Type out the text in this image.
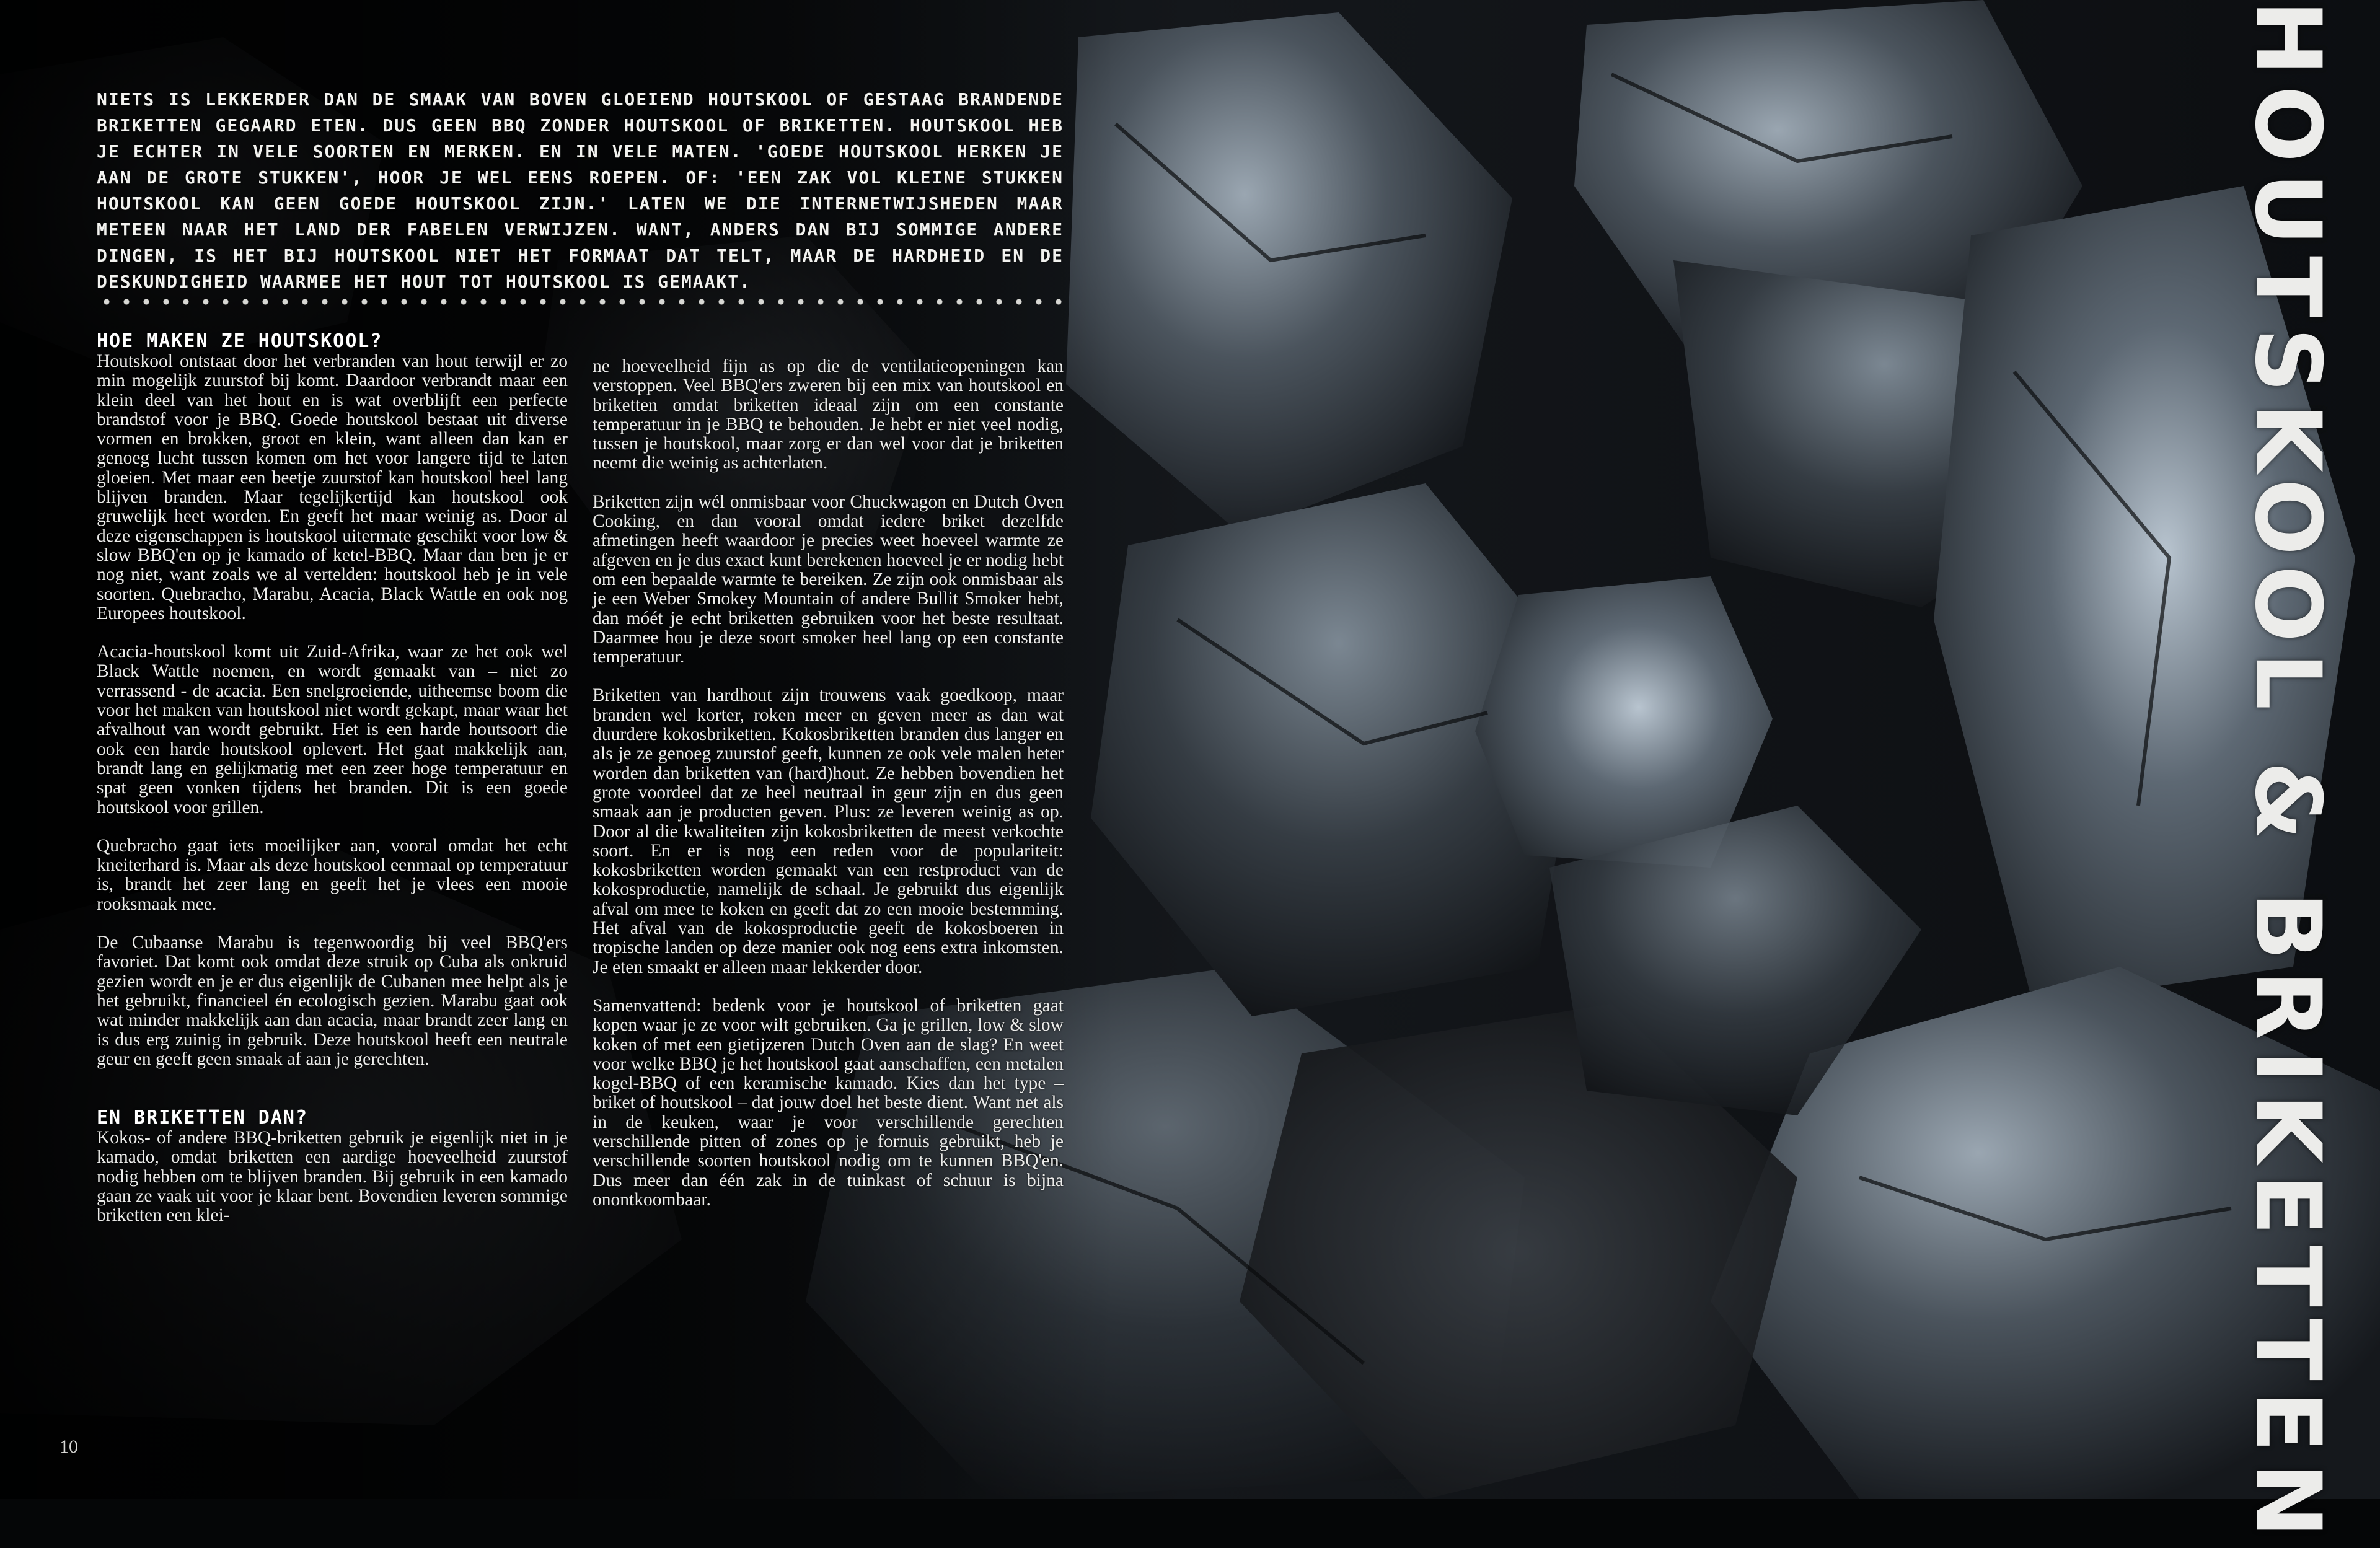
NIETS IS LEKKERDER DAN DE SMAAK VAN BOVEN GLOEIEND HOUTSKOOL OF GESTAAG BRANDENDE BRIKETTEN GEGAARD ETEN. DUS GEEN BBQ ZONDER HOUTSKOOL OF BRIKETTEN. HOUTSKOOL HEB JE ECHTER IN VELE SOORTEN EN MERKEN. EN IN VELE MATEN. 'GOEDE HOUTSKOOL HERKEN JE AAN DE GROTE STUKKEN', HOOR JE WEL EENS ROEPEN. OF: 'EEN ZAK VOL KLEINE STUKKEN HOUTSKOOL KAN GEEN GOEDE HOUTSKOOL ZIJN.' LATEN WE DIE INTERNETWIJSHEDEN MAAR METEEN NAAR HET LAND DER FABELEN VERWIJZEN. WANT, ANDERS DAN BIJ SOMMIGE ANDERE DINGEN, IS HET BIJ HOUTSKOOL NIET HET FORMAAT DAT TELT, MAAR DE HARDHEID EN DE DESKUNDIGHEID WAARMEE HET HOUT TOT HOUTSKOOL IS GEMAAKT.
HOE MAKEN ZE HOUTSKOOL?

Houtskool ontstaat door het verbranden van hout terwijl er zo min mogelijk zuurstof bij komt. Daardoor verbrandt maar een klein deel van het hout en is wat overblijft een perfecte brandstof voor je BBQ. Goede houtskool bestaat uit diverse vormen en brokken, groot en klein, want alleen dan kan er genoeg lucht tussen komen om het voor langere tijd te laten gloeien. Met maar een beetje zuurstof kan houtskool heel lang blijven branden. Maar tegelijkertijd kan houtskool ook gruwelijk heet worden. En geeft het maar weinig as. Door al deze eigenschappen is houtskool uitermate geschikt voor low & slow BBQ'en op je kamado of ketel-BBQ. Maar dan ben je er nog niet, want zoals we al vertelden: houtskool heb je in vele soorten. Quebracho, Marabu, Acacia, Black Wattle en ook nog Europees houtskool.

Acacia-houtskool komt uit Zuid-Afrika, waar ze het ook wel Black Wattle noemen, en wordt gemaakt van – niet zo verrassend - de acacia. Een snelgroeiende, uitheemse boom die voor het maken van houtskool niet wordt gekapt, maar waar het afvalhout van wordt gebruikt. Het is een harde houtsoort die ook een harde houtskool oplevert. Het gaat makkelijk aan, brandt lang en gelijkmatig met een zeer hoge temperatuur en spat geen vonken tijdens het branden. Dit is een goede houtskool voor grillen.

Quebracho gaat iets moeilijker aan, vooral omdat het echt kneiterhard is. Maar als deze houtskool eenmaal op temperatuur is, brandt het zeer lang en geeft het je vlees een mooie rooksmaak mee.

De Cubaanse Marabu is tegenwoordig bij veel BBQ'ers favoriet. Dat komt ook omdat deze struik op Cuba als onkruid gezien wordt en je er dus eigenlijk de Cubanen mee helpt als je het gebruikt, financieel én ecologisch gezien. Marabu gaat ook wat minder makkelijk aan dan acacia, maar brandt zeer lang en is dus erg zuinig in gebruik. Deze houtskool heeft een neutrale geur en geeft geen smaak af aan je gerechten.

EN BRIKETTEN DAN?

Kokos- of andere BBQ-briketten gebruik je eigenlijk niet in je kamado, omdat briketten een aardige hoeveelheid zuurstof nodig hebben om te blijven branden. Bij gebruik in een kamado gaan ze vaak uit voor je klaar bent. Bovendien leveren sommige briketten een klei-

ne hoeveelheid fijn as op die de ventilatieopeningen kan verstoppen. Veel BBQ'ers zweren bij een mix van houtskool en briketten omdat briketten ideaal zijn om een constante temperatuur in je BBQ te behouden. Je hebt er niet veel nodig, tussen je houtskool, maar zorg er dan wel voor dat je briketten neemt die weinig as achterlaten.

Briketten zijn wél onmisbaar voor Chuckwagon en Dutch Oven Cooking, en dan vooral omdat iedere briket dezelfde afmetingen heeft waardoor je precies weet hoeveel warmte ze afgeven en je dus exact kunt berekenen hoeveel je er nodig hebt om een bepaalde warmte te bereiken. Ze zijn ook onmisbaar als je een Weber Smokey Mountain of andere Bullit Smoker hebt, dan móét je echt briketten gebruiken voor het beste resultaat. Daarmee hou je deze soort smoker heel lang op een constante temperatuur.

Briketten van hardhout zijn trouwens vaak goedkoop, maar branden wel korter, roken meer en geven meer as dan wat duurdere kokosbriketten. Kokosbriketten branden dus langer en als je ze genoeg zuurstof geeft, kunnen ze ook vele malen heter worden dan briketten van (hard)hout. Ze hebben bovendien het grote voordeel dat ze heel neutraal in geur zijn en dus geen smaak aan je producten geven. Plus: ze leveren weinig as op. Door al die kwaliteiten zijn kokosbriketten de meest verkochte soort. En er is nog een reden voor de populariteit: kokosbriketten worden gemaakt van een restproduct van de kokosproductie, namelijk de schaal. Je gebruikt dus eigenlijk afval om mee te koken en geeft dat zo een mooie bestemming. Het afval van de kokosproductie geeft de kokosboeren in tropische landen op deze manier ook nog eens extra inkomsten. Je eten smaakt er alleen maar lekkerder door.

Samenvattend: bedenk voor je houtskool of briketten gaat kopen waar je ze voor wilt gebruiken. Ga je grillen, low & slow koken of met een gietijzeren Dutch Oven aan de slag? En weet voor welke BBQ je het houtskool gaat aanschaffen, een metalen kogel-BBQ of een keramische kamado. Kies dan het type – briket of houtskool – dat jouw doel het beste dient. Want net als in de keuken, waar je voor verschillende gerechten verschillende pitten of zones op je fornuis gebruikt, heb je verschillende soorten houtskool nodig om te kunnen BBQ'en. Dus meer dan één zak in de tuinkast of schuur is bijna onontkoombaar.

10	HOUTSKOOL & BRIKETTEN
